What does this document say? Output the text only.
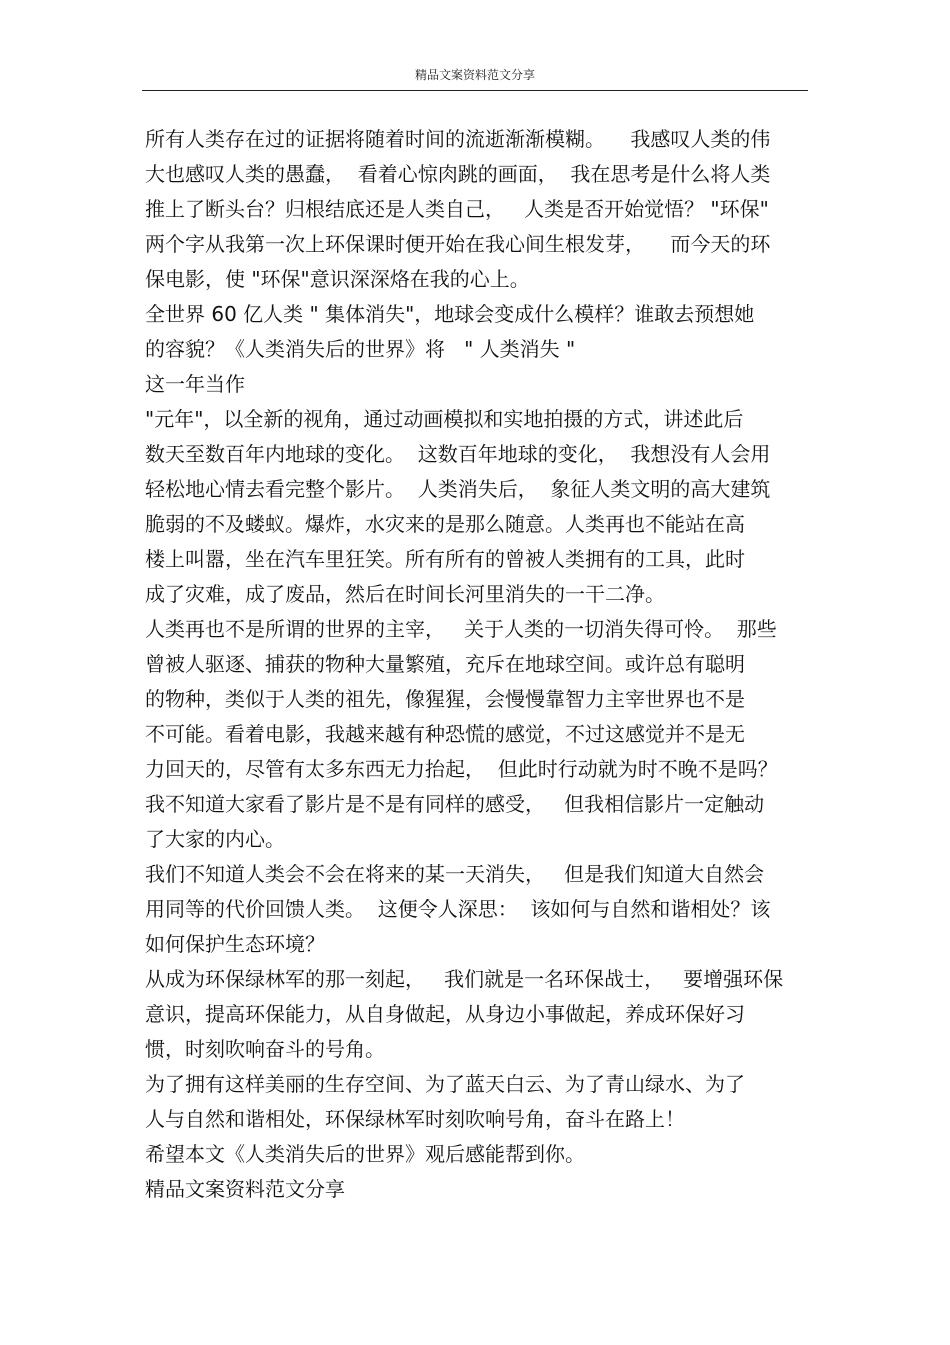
精品文案资料范文分享
所有人类存在过的证据将随着时间的流逝渐渐模糊。    我感叹人类的伟
大也感叹人类的愚蠢，  看着心惊肉跳的画面，  我在思考是什么将人类
推上了断头台？归根结底还是人类自己，   人类是否开始觉悟？ "环保"
两个字从我第一次上环保课时便开始在我心间生根发芽，    而今天的环
保电影，使 "环保"意识深深烙在我的心上。
全世界 60 亿人类 " 集体消失"，地球会变成什么模样？谁敢去预想她
的容貌？《人类消失后的世界》将   " 人类消失 "
这一年当作
"元年"，以全新的视角，通过动画模拟和实地拍摄的方式，讲述此后
数天至数百年内地球的变化。  这数百年地球的变化，  我想没有人会用
轻松地心情去看完整个影片。  人类消失后，  象征人类文明的高大建筑
脆弱的不及蝼蚁。爆炸，水灾来的是那么随意。人类再也不能站在高
楼上叫嚣，坐在汽车里狂笑。所有所有的曾被人类拥有的工具，此时
成了灾难，成了废品，然后在时间长河里消失的一干二净。
人类再也不是所谓的世界的主宰，   关于人类的一切消失得可怜。  那些
曾被人驱逐、捕获的物种大量繁殖，充斥在地球空间。或许总有聪明
的物种，类似于人类的祖先，像猩猩，会慢慢靠智力主宰世界也不是
不可能。看着电影，我越来越有种恐慌的感觉，不过这感觉并不是无
力回天的，尽管有太多东西无力抬起，  但此时行动就为时不晚不是吗？
我不知道大家看了影片是不是有同样的感受，   但我相信影片一定触动
了大家的内心。
我们不知道人类会不会在将来的某一天消失，   但是我们知道大自然会
用同等的代价回馈人类。  这便令人深思：  该如何与自然和谐相处？该
如何保护生态环境？
从成为环保绿林军的那一刻起，   我们就是一名环保战士，   要增强环保
意识，提高环保能力，从自身做起，从身边小事做起，养成环保好习
惯，时刻吹响奋斗的号角。
为了拥有这样美丽的生存空间、为了蓝天白云、为了青山绿水、为了
人与自然和谐相处，环保绿林军时刻吹响号角，奋斗在路上！
希望本文《人类消失后的世界》观后感能帮到你。
精品文案资料范文分享
